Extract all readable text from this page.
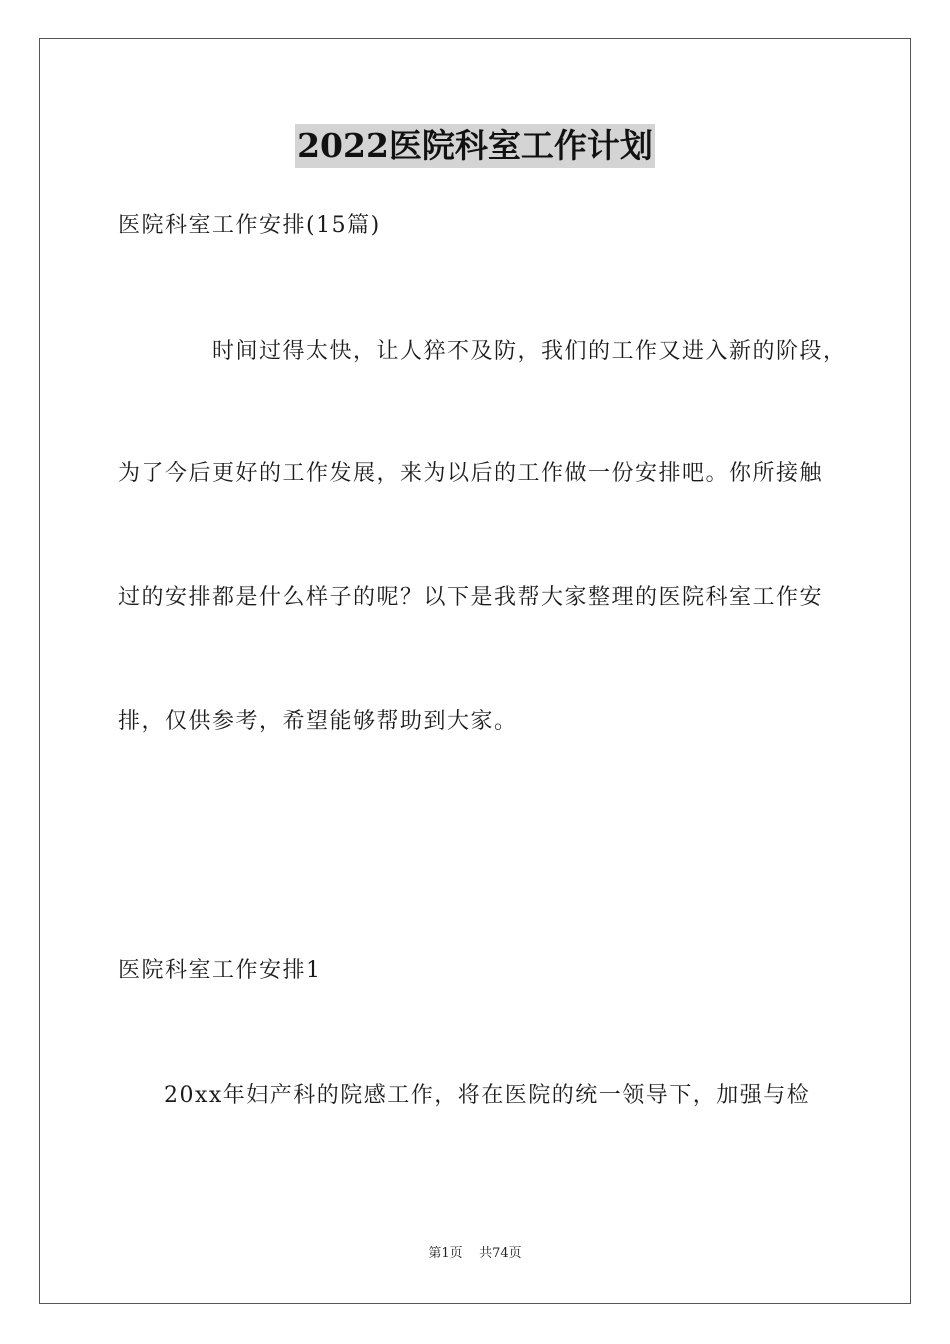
2022医院科室工作计划
医院科室工作安排(15篇)
时间过得太快，让人猝不及防，我们的工作又进入新的阶段，
为了今后更好的工作发展，来为以后的工作做一份安排吧。你所接触
过的安排都是什么样子的呢？以下是我帮大家整理的医院科室工作安
排，仅供参考，希望能够帮助到大家。
医院科室工作安排1
20xx年妇产科的院感工作，将在医院的统一领导下，加强与检
第1页 共74页
